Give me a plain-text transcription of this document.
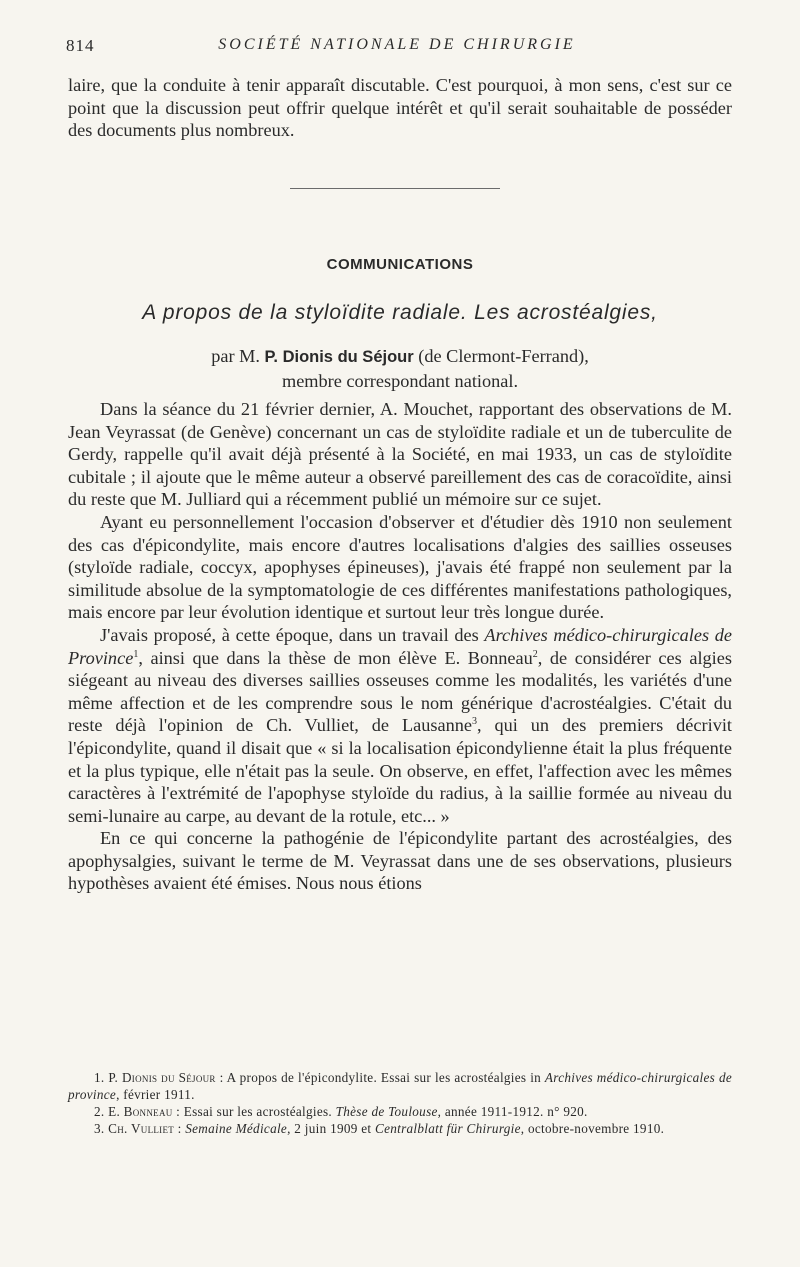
814	SOCIÉTÉ NATIONALE DE CHIRURGIE

laire, que la conduite à tenir apparaît discutable. C'est pourquoi, à mon sens, c'est sur ce point que la discussion peut offrir quelque intérêt et qu'il serait souhaitable de posséder des documents plus nombreux.

COMMUNICATIONS
A propos de la styloïdite radiale. Les acrostéalgies,
par M. P. Dionis du Séjour (de Clermont-Ferrand),
membre correspondant national.

Dans la séance du 21 février dernier, A. Mouchet, rapportant des observations de M. Jean Veyrassat (de Genève) concernant un cas de styloïdite radiale et un de tuberculite de Gerdy, rappelle qu'il avait déjà présenté à la Société, en mai 1933, un cas de styloïdite cubitale ; il ajoute que le même auteur a observé pareillement des cas de coracoïdite, ainsi du reste que M. Julliard qui a récemment publié un mémoire sur ce sujet.

Ayant eu personnellement l'occasion d'observer et d'étudier dès 1910 non seulement des cas d'épicondylite, mais encore d'autres localisations d'algies des saillies osseuses (styloïde radiale, coccyx, apophyses épineuses), j'avais été frappé non seulement par la similitude absolue de la symptomatologie de ces différentes manifestations pathologiques, mais encore par leur évolution identique et surtout leur très longue durée.

J'avais proposé, à cette époque, dans un travail des Archives médico-chirurgicales de Province$^1$, ainsi que dans la thèse de mon élève E. Bonneau$^2$, de considérer ces algies siégeant au niveau des diverses saillies osseuses comme les modalités, les variétés d'une même affection et de les comprendre sous le nom générique d'acrostéalgies. C'était du reste déjà l'opinion de Ch. Vulliet, de Lausanne$^3$, qui un des premiers décrivit l'épicondylite, quand il disait que « si la localisation épicondylienne était la plus fréquente et la plus typique, elle n'était pas la seule. On observe, en effet, l'affection avec les mêmes caractères à l'extrémité de l'apophyse styloïde du radius, à la saillie formée au niveau du semi-lunaire au carpe, au devant de la rotule, etc... »

En ce qui concerne la pathogénie de l'épicondylite partant des acrostéalgies, des apophysalgies, suivant le terme de M. Veyrassat dans une de ses observations, plusieurs hypothèses avaient été émises. Nous nous étions

1. P. Dionis du Séjour : A propos de l'épicondylite. Essai sur les acrostéalgies in Archives médico-chirurgicales de province, février 1911.

2. E. Bonneau : Essai sur les acrostéalgies. Thèse de Toulouse, année 1911-1912. n° 920.

3. Ch. Vulliet : Semaine Médicale, 2 juin 1909 et Centralblatt für Chirurgie, octobre-novembre 1910.
